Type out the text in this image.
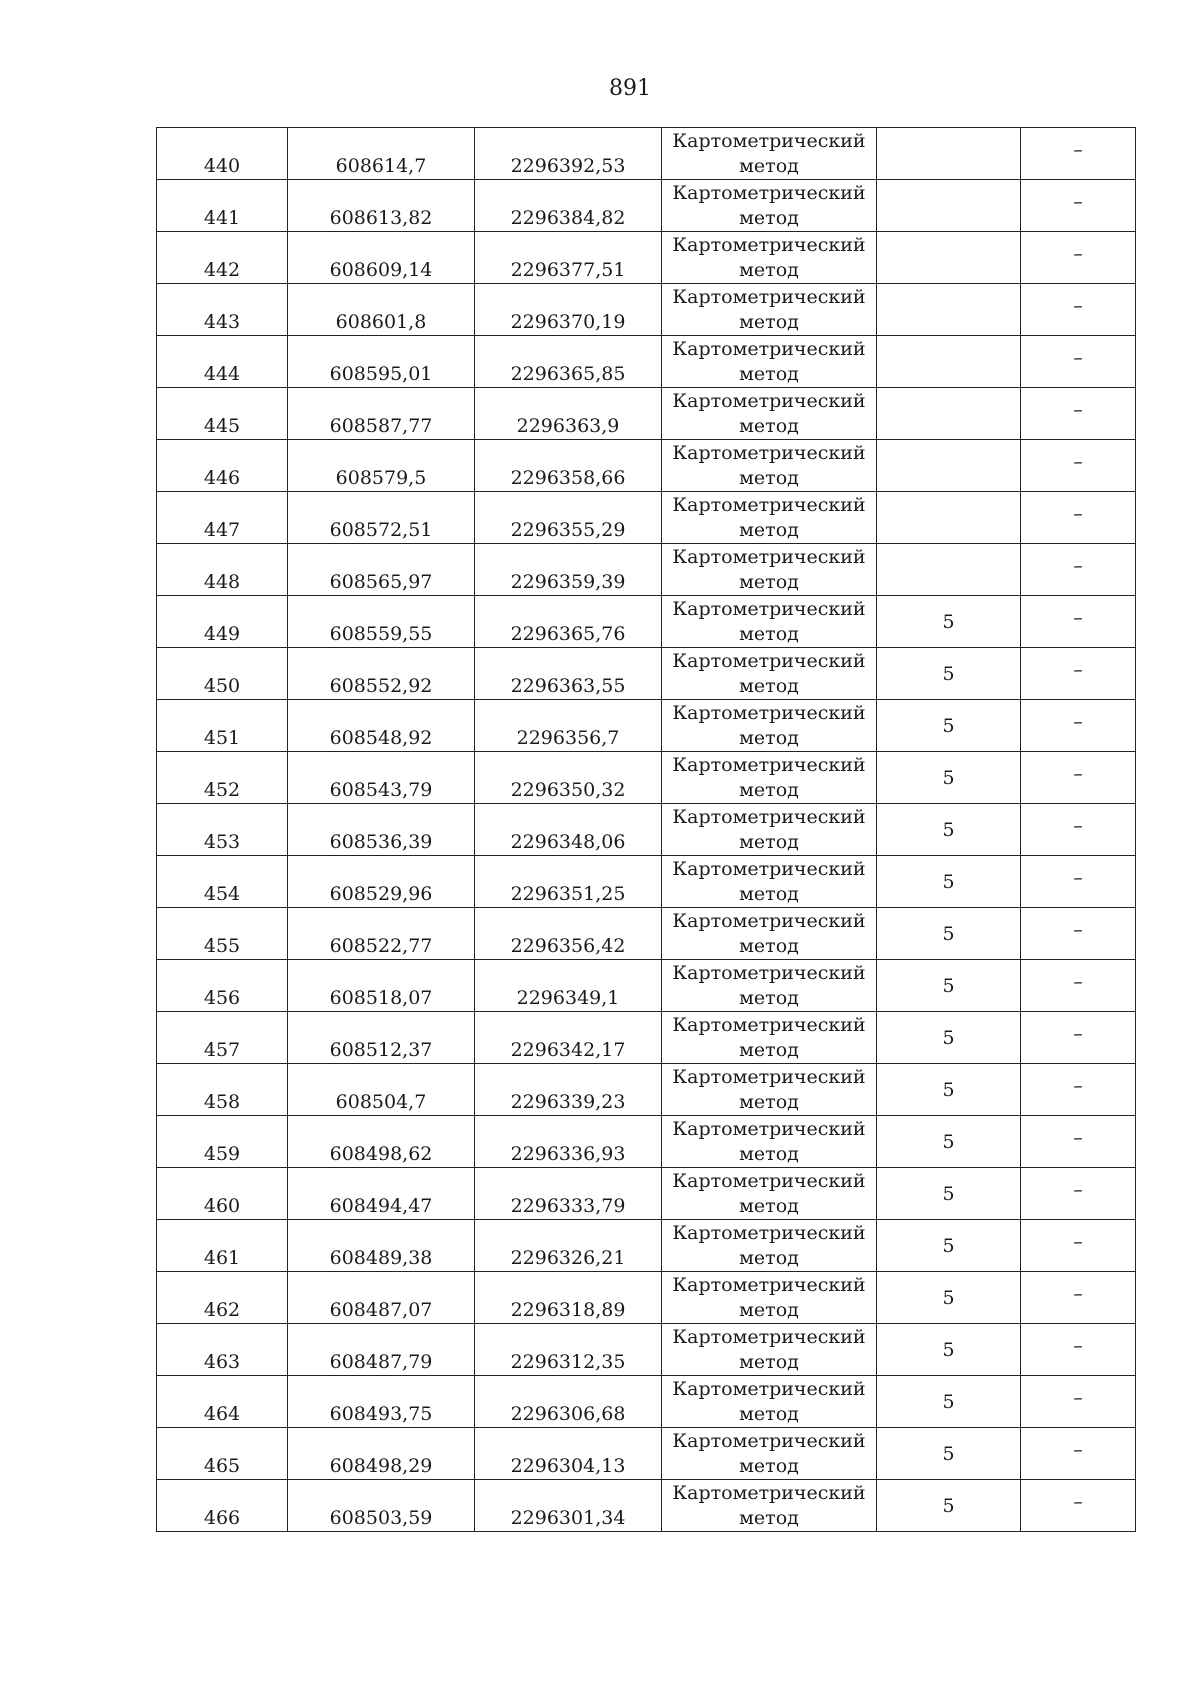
891
440	608614,7	2296392,53	Картометрический
метод		–

441	608613,82	2296384,82	Картометрический
метод		–

442	608609,14	2296377,51	Картометрический
метод		–

443	608601,8	2296370,19	Картометрический
метод		–

444	608595,01	2296365,85	Картометрический
метод		–

445	608587,77	2296363,9	Картометрический
метод		–

446	608579,5	2296358,66	Картометрический
метод		–

447	608572,51	2296355,29	Картометрический
метод		–

448	608565,97	2296359,39	Картометрический
метод		–

449	608559,55	2296365,76	Картометрический
метод	5	–

450	608552,92	2296363,55	Картометрический
метод	5	–

451	608548,92	2296356,7	Картометрический
метод	5	–

452	608543,79	2296350,32	Картометрический
метод	5	–

453	608536,39	2296348,06	Картометрический
метод	5	–

454	608529,96	2296351,25	Картометрический
метод	5	–

455	608522,77	2296356,42	Картометрический
метод	5	–

456	608518,07	2296349,1	Картометрический
метод	5	–

457	608512,37	2296342,17	Картометрический
метод	5	–

458	608504,7	2296339,23	Картометрический
метод	5	–

459	608498,62	2296336,93	Картометрический
метод	5	–

460	608494,47	2296333,79	Картометрический
метод	5	–

461	608489,38	2296326,21	Картометрический
метод	5	–

462	608487,07	2296318,89	Картометрический
метод	5	–

463	608487,79	2296312,35	Картометрический
метод	5	–

464	608493,75	2296306,68	Картометрический
метод	5	–

465	608498,29	2296304,13	Картометрический
метод	5	–

466	608503,59	2296301,34	Картометрический
метод	5	–
